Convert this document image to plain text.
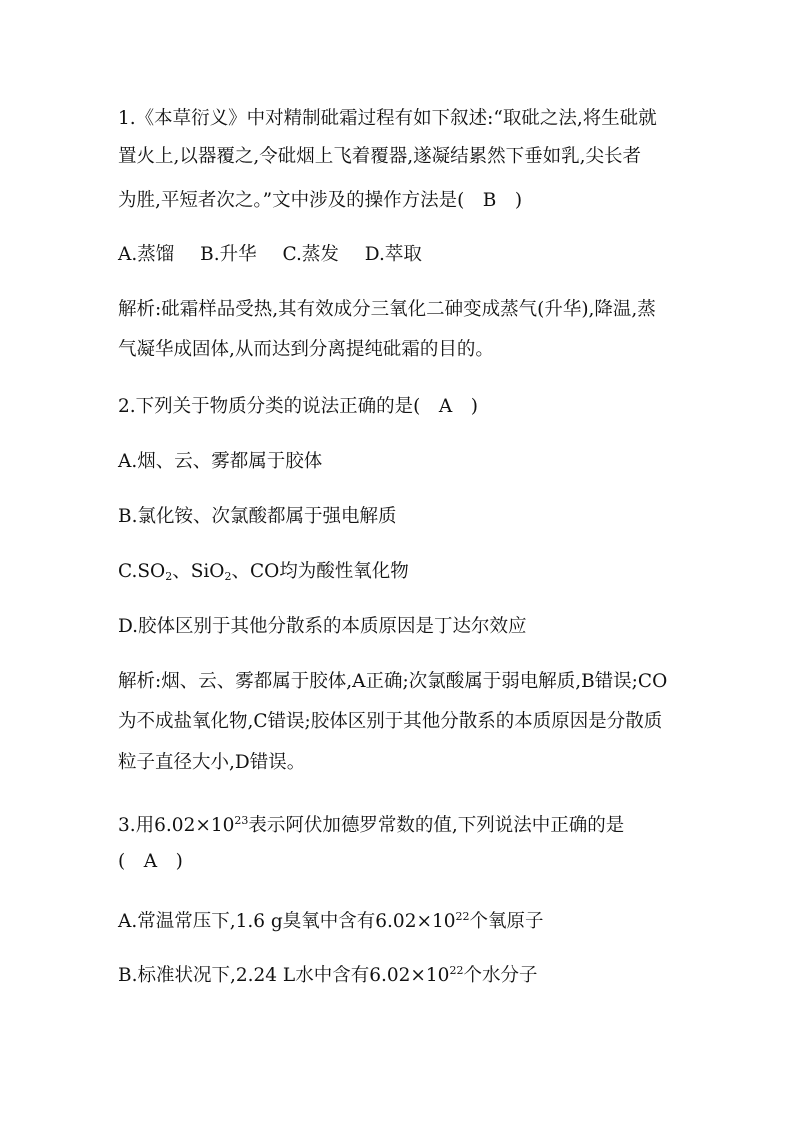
1.《本草衍义》中对精制砒霜过程有如下叙述:“取砒之法,将生砒就
置火上,以器覆之,令砒烟上飞着覆器,遂凝结累然下垂如乳,尖长者
为胜,平短者次之。”文中涉及的操作方法是(　B　)
A.蒸馏 B.升华 C.蒸发 D.萃取
解析:砒霜样品受热,其有效成分三氧化二砷变成蒸气(升华),降温,蒸
气凝华成固体,从而达到分离提纯砒霜的目的。
2.下列关于物质分类的说法正确的是(　A　)
A.烟、云、雾都属于胶体
B.氯化铵、次氯酸都属于强电解质
$C.SO_2$、SiO$_2$、CO均为酸性氧化物
D.胶体区别于其他分散系的本质原因是丁达尔效应
解析:烟、云、雾都属于胶体,A正确;次氯酸属于弱电解质,B错误;CO
为不成盐氧化物,C错误;胶体区别于其他分散系的本质原因是分散质
粒子直径大小,D错误。
3.用$6.02\times 10^{23}$表示阿伏加德罗常数的值,下列说法中正确的是
(　A　)
A.常温常压下,1.6 g臭氧中含有$6.02\times 10^{22}$个氧原子
B.标准状况下,2.24 L水中含有$6.02\times 10^{22}$个水分子
